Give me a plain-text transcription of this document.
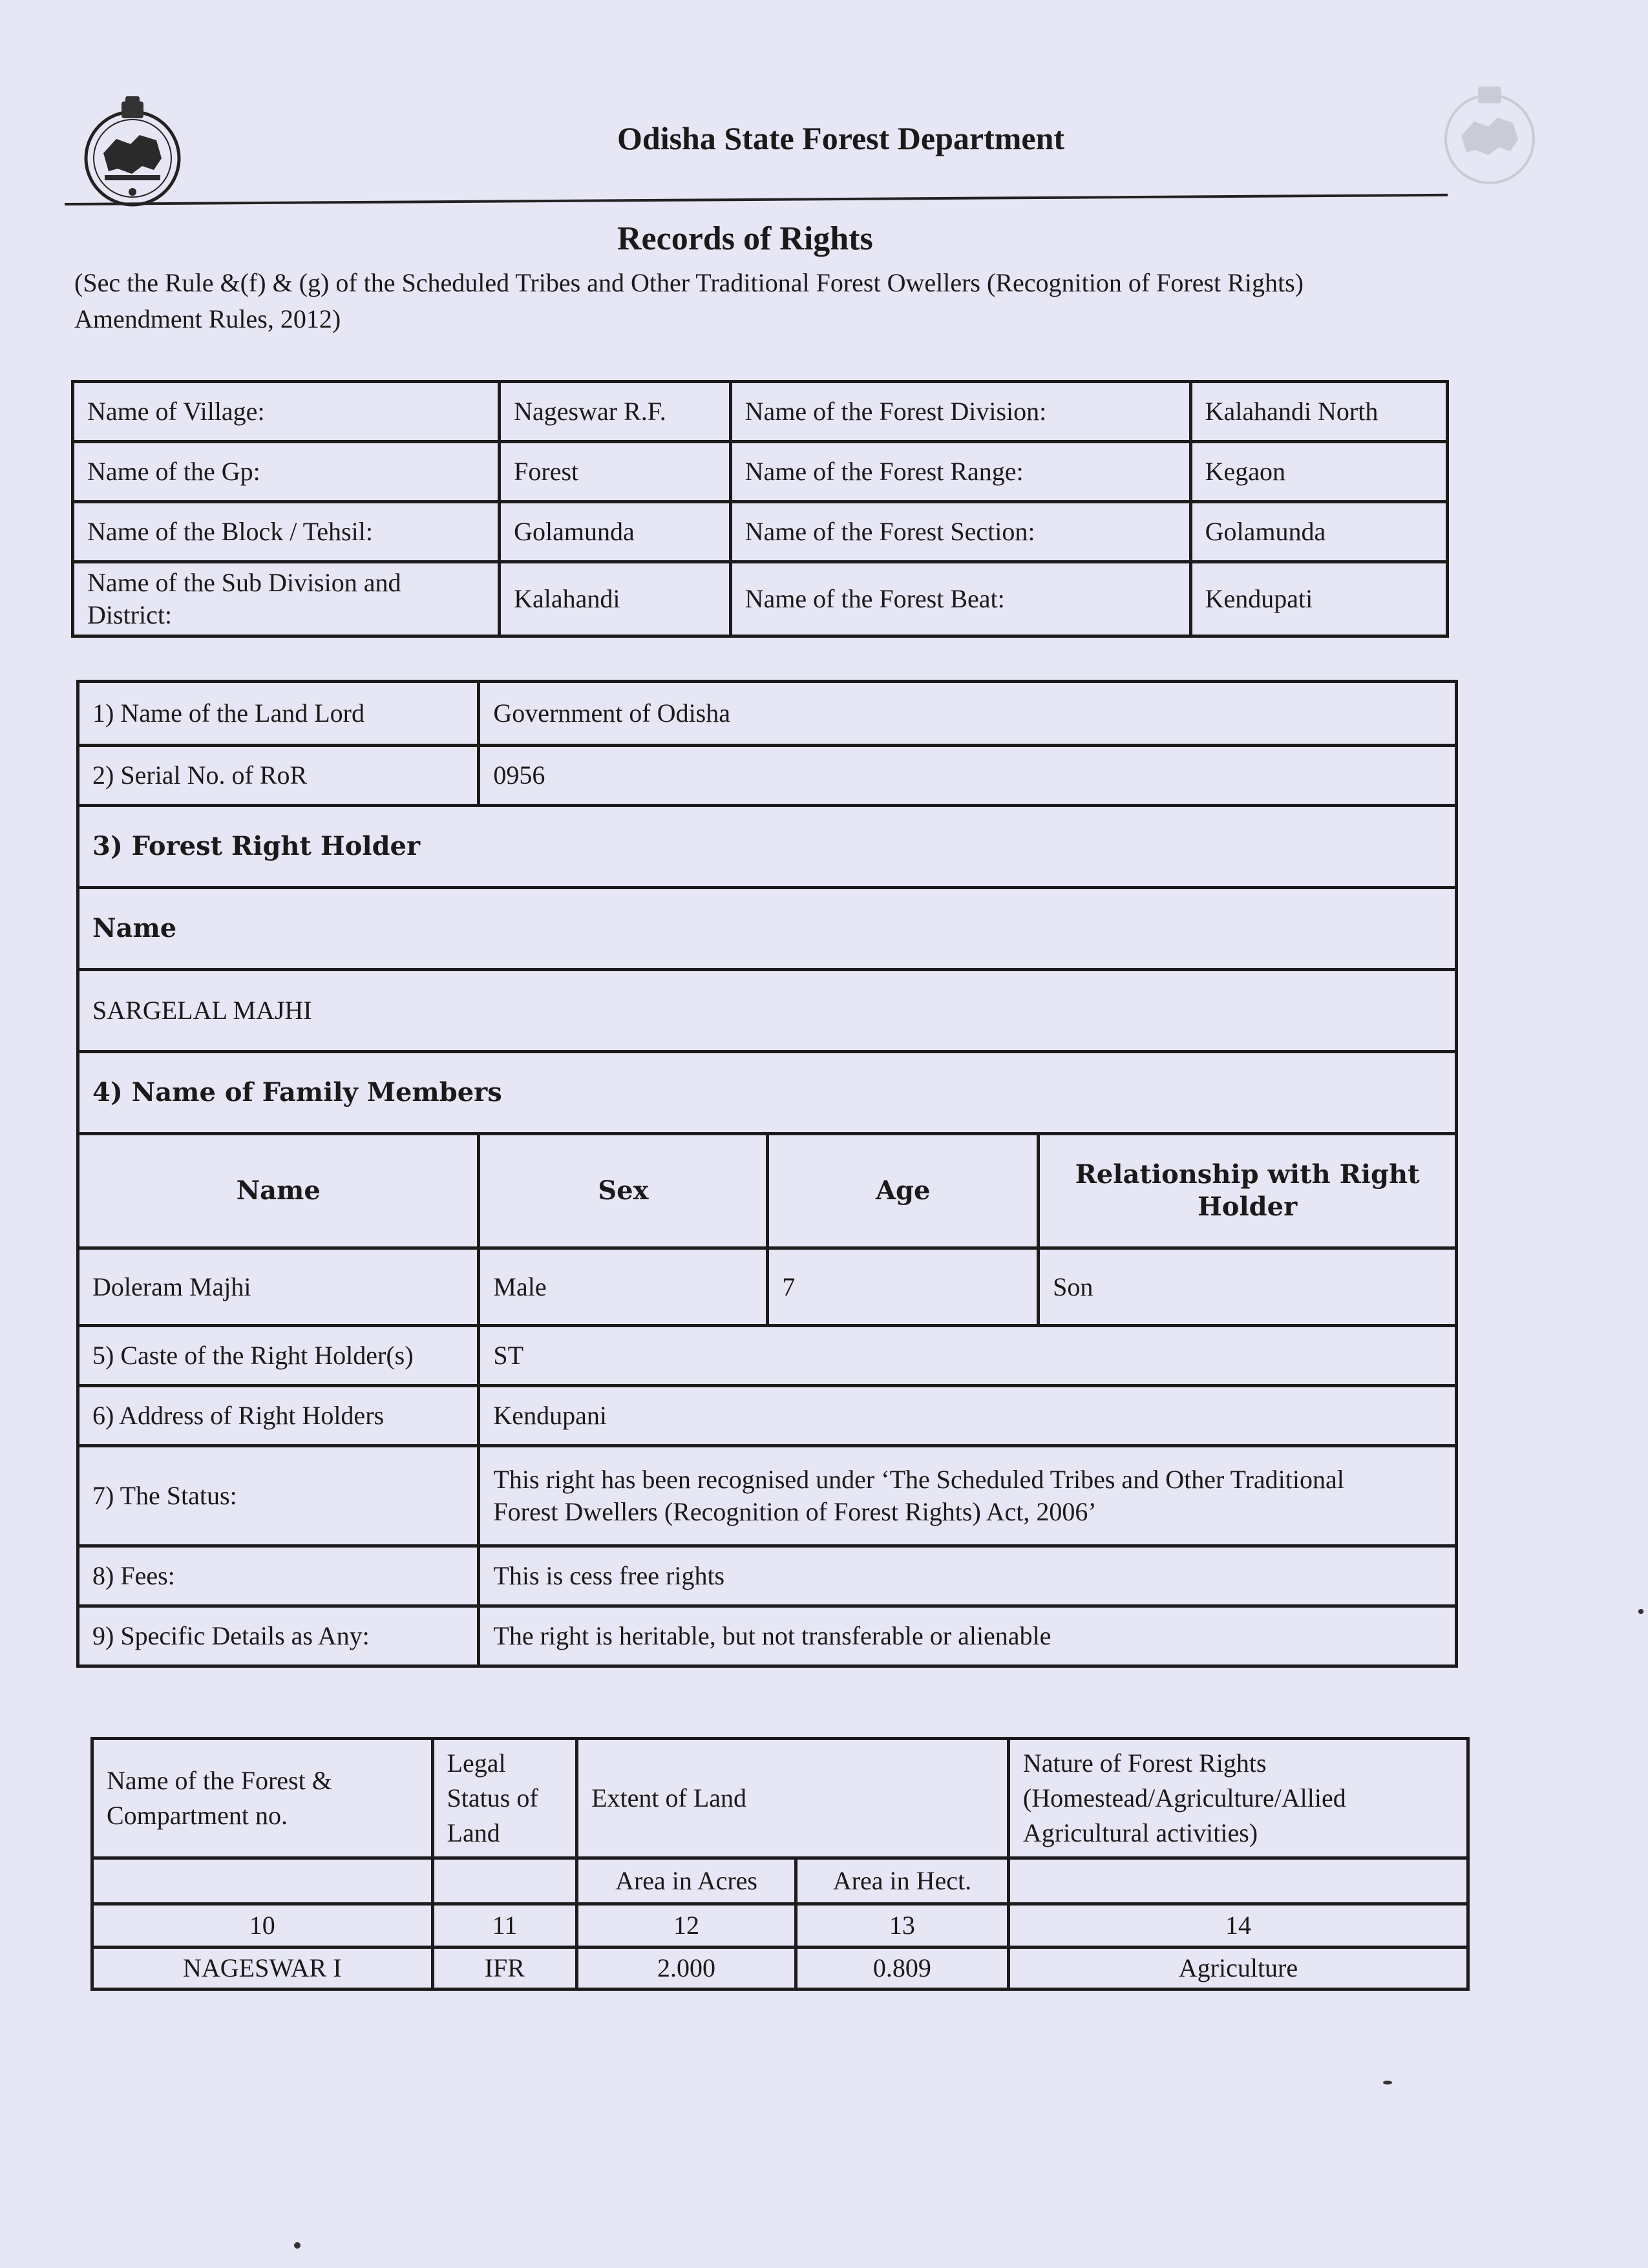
Odisha State Forest Department
Records of Rights
(Sec the Rule &(f) & (g) of the Scheduled Tribes and Other Traditional Forest Owellers (Recognition of Forest Rights) Amendment Rules, 2012)
Name of Village:	Nageswar R.F.	Name of the Forest Division:	Kalahandi North
Name of the Gp:	Forest	Name of the Forest Range:	Kegaon
Name of the Block / Tehsil:	Golamunda	Name of the Forest Section:	Golamunda
Name of the Sub Division and District:	Kalahandi	Name of the Forest Beat:	Kendupati
1) Name of the Land Lord	Government of Odisha		
2) Serial No. of RoR	0956		
3) Forest Right Holder			
Name			
SARGELAL MAJHI			
4) Name of Family Members			
Name	Sex	Age	Relationship with Right Holder
Doleram Majhi	Male	7	Son
5) Caste of the Right Holder(s)	ST		
6) Address of Right Holders	Kendupani		
7) The Status:	This right has been recognised under ‘The Scheduled Tribes and Other Traditional
Forest Dwellers (Recognition of Forest Rights) Act, 2006’		

8) Fees:	This is cess free rights		
9) Specific Details as Any:	The right is heritable, but not transferable or alienable		
Name of the Forest & Compartment no.	Legal Status of Land	Extent of Land		Nature of Forest Rights (Homestead/Agriculture/Allied Agricultural activities)
		Area in Acres	Area in Hect.	
10	11	12	13	14
NAGESWAR I	IFR	2.000	0.809	Agriculture
